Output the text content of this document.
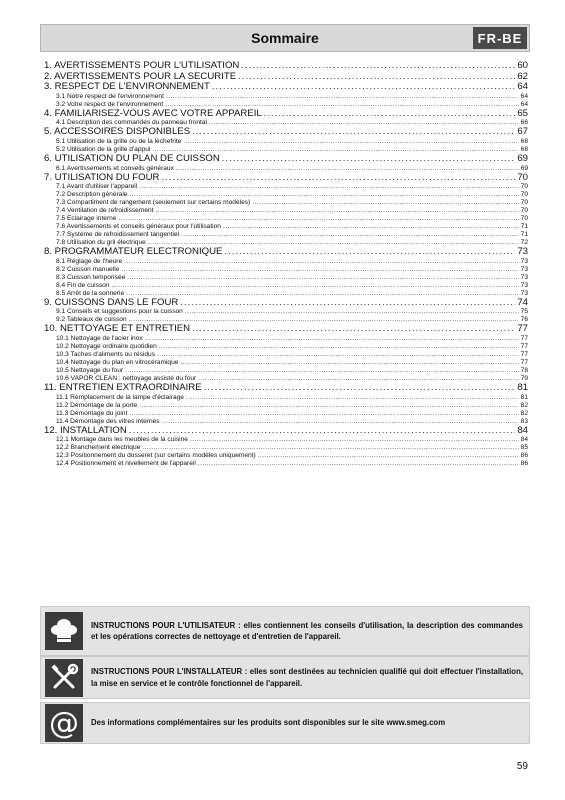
Sommaire	FR-BE
1. AVERTISSEMENTS POUR L'UTILISATION .....	60
2. AVERTISSEMENTS POUR LA SECURITE .....	62
3. RESPECT DE L'ENVIRONNEMENT .....	64
3.1 Notre respect de l'environnement .....	64
3.2 Votre respect de l'environnement .....	64
4. FAMILIARISEZ-VOUS AVEC VOTRE APPAREIL .....	65
4.1 Description des commandes du panneau frontal .....	66
5. ACCESSOIRES DISPONIBLES .....	67
5.1 Utilisation de la grille ou de la lèchefrite .....	68
5.2 Utilisation de la grille d'appui .....	68
6. UTILISATION DU PLAN DE CUISSON .....	69
6.1 Avertissements et conseils généraux .....	69
7. UTILISATION DU FOUR .....	70
7.1 Avant d'utiliser l'appareil .....	70
7.2 Description générale .....	70
7.3 Compartiment de rangement (seulement sur certains modèles) .....	70
7.4 Ventilation de refroidissement .....	70
7.5 Éclairage interne .....	70
7.6 Avertissements et conseils généraux pour l'utilisation .....	71
7.7 Système de refroidissement tangentiel .....	71
7.8 Utilisation du gril électrique .....	72
8. PROGRAMMATEUR ELECTRONIQUE .....	73
8.1 Réglage de l'heure .....	73
8.2 Cuisson manuelle .....	73
8.3 Cuisson temporisée .....	73
8.4 Fin de cuisson .....	73
8.5 Arrêt de la sonnerie .....	73
9. CUISSONS DANS LE FOUR .....	74
9.1 Conseils et suggestions pour la cuisson .....	75
9.2 Tableaux de cuisson .....	76
10. NETTOYAGE ET ENTRETIEN .....	77
10.1 Nettoyage de l'acier inox .....	77
10.2 Nettoyage ordinaire quotidien .....	77
10.3 Taches d'aliments ou résidus .....	77
10.4 Nettoyage du plan en vitrocéramique .....	77
10.5 Nettoyage du four .....	78
10.6 VAPOR CLEAN : nettoyage assisté du four .....	79
11. ENTRETIEN EXTRAORDINAIRE .....	81
11.1 Remplacement de la lampe d'éclairage .....	81
11.2 Démontage de la porte .....	82
11.3 Démontage du joint .....	82
11.4 Démontage des vitres internes .....	83
12. INSTALLATION .....	84
12.1 Montage dans les meubles de la cuisine .....	84
12.2 Branchement électrique .....	85
12.3 Positionnement du dosseret (sur certains modèles uniquement) .....	86
12.4 Positionnement et nivellement de l'appareil .....	86
INSTRUCTIONS POUR L'UTILISATEUR : elles contiennent les conseils d'utilisation, la description des commandes et les opérations correctes de nettoyage et d'entretien de l'appareil.
INSTRUCTIONS POUR L'INSTALLATEUR : elles sont destinées au technicien qualifié qui doit effectuer l'installation, la mise en service et le contrôle fonctionnel de l'appareil.
@ Des informations complémentaires sur les produits sont disponibles sur le site www.smeg.com
59
